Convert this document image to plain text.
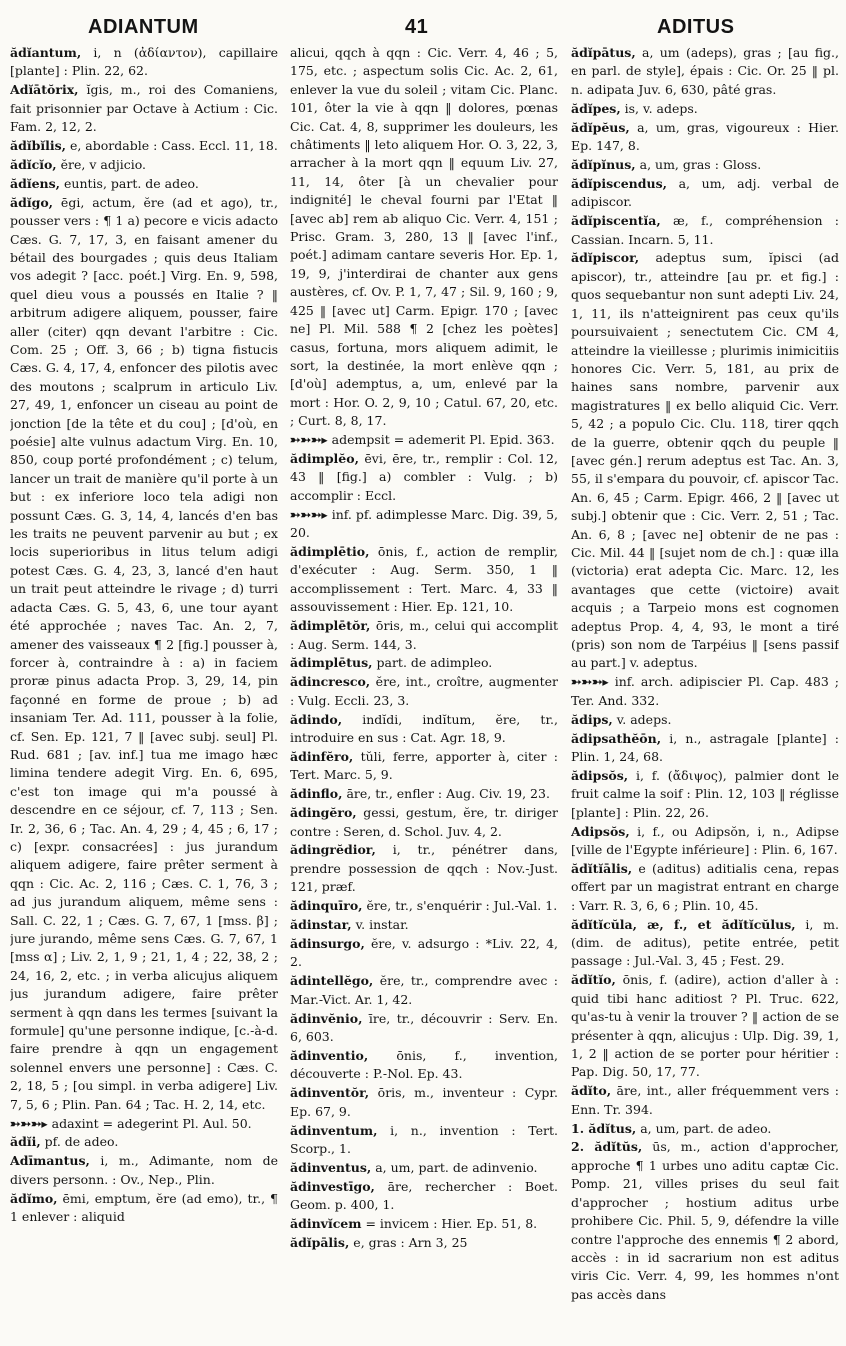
ADIANTUM	41	ADITUS

ădĭantum, i, n (ἀδίαντον), capillaire [plante] : Plin. 22, 62.

Adĭātŏrix, ĭgis, m., roi des Comaniens, fait prisonnier par Octave à Actium : Cic. Fam. 2, 12, 2.

ădĭbĭlis, e, abordable : Cass. Eccl. 11, 18.

ădĭcĭo, ĕre, v adjicio.

ădĭens, euntis, part. de adeo.

ădĭgo, ēgi, actum, ĕre (ad et ago), tr., pousser vers : ¶ 1 a) pecore e vicis adacto Cæs. G. 7, 17, 3, en faisant amener du bétail des bourgades ; quis deus Italiam vos adegit ? [acc. poét.] Virg. En. 9, 598, quel dieu vous a poussés en Italie ? ‖ arbitrum adigere aliquem, pousser, faire aller (citer) qqn devant l'arbitre : Cic. Com. 25 ; Off. 3, 66 ; b) tigna fistucis Cæs. G. 4, 17, 4, enfoncer des pilotis avec des moutons ; scalprum in articulo Liv. 27, 49, 1, enfoncer un ciseau au point de jonction [de la tête et du cou] ; [d'où, en poésie] alte vulnus adactum Virg. En. 10, 850, coup porté profondément ; c) telum, lancer un trait de manière qu'il porte à un but : ex inferiore loco tela adigi non possunt Cæs. G. 3, 14, 4, lancés d'en bas les traits ne peuvent parvenir au but ; ex locis superioribus in litus telum adigi potest Cæs. G. 4, 23, 3, lancé d'en haut un trait peut atteindre le rivage ; d) turri adacta Cæs. G. 5, 43, 6, une tour ayant été approchée ; naves Tac. An. 2, 7, amener des vaisseaux ¶ 2 [fig.] pousser à, forcer à, contraindre à : a) in faciem proræ pinus adacta Prop. 3, 29, 14, pin façonné en forme de proue ; b) ad insaniam Ter. Ad. 111, pousser à la folie, cf. Sen. Ep. 121, 7 ‖ [avec subj. seul] Pl. Rud. 681 ; [av. inf.] tua me imago hæc limina tendere adegit Virg. En. 6, 695, c'est ton image qui m'a poussé à descendre en ce séjour, cf. 7, 113 ; Sen. Ir. 2, 36, 6 ; Tac. An. 4, 29 ; 4, 45 ; 6, 17 ; c) [expr. consacrées] : jus jurandum aliquem adigere, faire prêter serment à qqn : Cic. Ac. 2, 116 ; Cæs. C. 1, 76, 3 ; ad jus jurandum aliquem, même sens : Sall. C. 22, 1 ; Cæs. G. 7, 67, 1 [mss. β] ; jure jurando, même sens Cæs. G. 7, 67, 1 [mss α] ; Liv. 2, 1, 9 ; 21, 1, 4 ; 22, 38, 2 ; 24, 16, 2, etc. ; in verba alicujus aliquem jus jurandum adigere, faire prêter serment à qqn dans les termes [suivant la formule] qu'une personne indique, [c.-à-d. faire prendre à qqn un engagement solennel envers une personne] : Cæs. C. 2, 18, 5 ; [ou simpl. in verba adigere] Liv. 7, 5, 6 ; Plin. Pan. 64 ; Tac. H. 2, 14, etc.

➳➳➳▸ adaxint = adegerint Pl. Aul. 50.

ădĭi, pf. de adeo.

Adīmantus, i, m., Adimante, nom de divers personn. : Ov., Nep., Plin.

ădĭmo, ēmi, emptum, ĕre (ad emo), tr., ¶ 1 enlever : aliquid

alicui, qqch à qqn : Cic. Verr. 4, 46 ; 5, 175, etc. ; aspectum solis Cic. Ac. 2, 61, enlever la vue du soleil ; vitam Cic. Planc. 101, ôter la vie à qqn ‖ dolores, pœnas Cic. Cat. 4, 8, supprimer les douleurs, les châtiments ‖ leto aliquem Hor. O. 3, 22, 3, arracher à la mort qqn ‖ equum Liv. 27, 11, 14, ôter [à un chevalier pour indignité] le cheval fourni par l'Etat ‖ [avec ab] rem ab aliquo Cic. Verr. 4, 151 ; Prisc. Gram. 3, 280, 13 ‖ [avec l'inf., poét.] adimam cantare severis Hor. Ep. 1, 19, 9, j'interdirai de chanter aux gens austères, cf. Ov. P. 1, 7, 47 ; Sil. 9, 160 ; 9, 425 ‖ [avec ut] Carm. Epigr. 170 ; [avec ne] Pl. Mil. 588 ¶ 2 [chez les poètes] casus, fortuna, mors aliquem adimit, le sort, la destinée, la mort enlève qqn ; [d'où] ademptus, a, um, enlevé par la mort : Hor. O. 2, 9, 10 ; Catul. 67, 20, etc. ; Curt. 8, 8, 17.

➳➳➳▸ adempsit = ademerit Pl. Epid. 363.

ădimplĕo, ēvi, ēre, tr., remplir : Col. 12, 43 ‖ [fig.] a) combler : Vulg. ; b) accomplir : Eccl.

➳➳➳▸ inf. pf. adimplesse Marc. Dig. 39, 5, 20.

ădimplētio, ōnis, f., action de remplir, d'exécuter : Aug. Serm. 350, 1 ‖ accomplissement : Tert. Marc. 4, 33 ‖ assouvissement : Hier. Ep. 121, 10.

ădimplētŏr, ōris, m., celui qui accomplit : Aug. Serm. 144, 3.

ădimplētus, part. de adimpleo.

ădincresco, ĕre, int., croître, augmenter : Vulg. Eccli. 23, 3.

ădindo, indĭdi, indĭtum, ĕre, tr., introduire en sus : Cat. Agr. 18, 9.

ădinfĕro, tŭli, ferre, apporter à, citer : Tert. Marc. 5, 9.

ădinflo, āre, tr., enfler : Aug. Civ. 19, 23.

ădingĕro, gessi, gestum, ĕre, tr. diriger contre : Seren, d. Schol. Juv. 4, 2.

ădingrĕdior, i, tr., pénétrer dans, prendre possession de qqch : Nov.-Just. 121, præf.

ădinquīro, ĕre, tr., s'enquérir : Jul.-Val. 1.

ădinstar, v. instar.

ădinsurgo, ĕre, v. adsurgo : *Liv. 22, 4, 2.

ădintellĕgo, ĕre, tr., comprendre avec : Mar.-Vict. Ar. 1, 42.

ădinvĕnio, īre, tr., découvrir : Serv. En. 6, 603.

ădinventio, ōnis, f., invention, découverte : P.-Nol. Ep. 43.

ădinventŏr, ōris, m., inventeur : Cypr. Ep. 67, 9.

ădinventum, i, n., invention : Tert. Scorp., 1.

ădinventus, a, um, part. de adinvenio.

ădinvestīgo, āre, rechercher : Boet. Geom. p. 400, 1.

ădinvĭcem = invicem : Hier. Ep. 51, 8.

ădĭpālis, e, gras : Arn 3, 25

ădĭpātus, a, um (adeps), gras ; [au fig., en parl. de style], épais : Cic. Or. 25 ‖ pl. n. adipata Juv. 6, 630, pâté gras.

ădĭpes, is, v. adeps.

ădĭpĕus, a, um, gras, vigoureux : Hier. Ep. 147, 8.

ădĭpĭnus, a, um, gras : Gloss.

ădĭpiscendus, a, um, adj. verbal de adipiscor.

ădĭpiscentĭa, æ, f., compréhension : Cassian. Incarn. 5, 11.

ădĭpiscor, adeptus sum, ĭpisci (ad apiscor), tr., atteindre [au pr. et fig.] : quos sequebantur non sunt adepti Liv. 24, 1, 11, ils n'atteignirent pas ceux qu'ils poursuivaient ; senectutem Cic. CM 4, atteindre la vieillesse ; plurimis inimicitiis honores Cic. Verr. 5, 181, au prix de haines sans nombre, parvenir aux magistratures ‖ ex bello aliquid Cic. Verr. 5, 42 ; a populo Cic. Clu. 118, tirer qqch de la guerre, obtenir qqch du peuple ‖ [avec gén.] rerum adeptus est Tac. An. 3, 55, il s'empara du pouvoir, cf. apiscor Tac. An. 6, 45 ; Carm. Epigr. 466, 2 ‖ [avec ut subj.] obtenir que : Cic. Verr. 2, 51 ; Tac. An. 6, 8 ; [avec ne] obtenir de ne pas : Cic. Mil. 44 ‖ [sujet nom de ch.] : quæ illa (victoria) erat adepta Cic. Marc. 12, les avantages que cette (victoire) avait acquis ; a Tarpeio mons est cognomen adeptus Prop. 4, 4, 93, le mont a tiré (pris) son nom de Tarpéius ‖ [sens passif au part.] v. adeptus.

➳➳➳▸ inf. arch. adipiscier Pl. Cap. 483 ; Ter. And. 332.

ădips, v. adeps.

ădipsathĕōn, i, n., astragale [plante] : Plin. 1, 24, 68.

ădipsŏs, i, f. (ἄδιψος), palmier dont le fruit calme la soif : Plin. 12, 103 ‖ réglisse [plante] : Plin. 22, 26.

Adipsŏs, i, f., ou Adipsŏn, i, n., Adipse [ville de l'Egypte inférieure] : Plin. 6, 167.

ădĭtĭālis, e (aditus) aditialis cena, repas offert par un magistrat entrant en charge : Varr. R. 3, 6, 6 ; Plin. 10, 45.

ădĭtĭcŭla, æ, f., et ădĭtĭcŭlus, i, m. (dim. de aditus), petite entrée, petit passage : Jul.-Val. 3, 45 ; Fest. 29.

ădĭtĭo, ōnis, f. (adire), action d'aller à : quid tibi hanc aditiost ? Pl. Truc. 622, qu'as-tu à venir la trouver ? ‖ action de se présenter à qqn, alicujus : Ulp. Dig. 39, 1, 1, 2 ‖ action de se porter pour héritier : Pap. Dig. 50, 17, 77.

ădĭto, āre, int., aller fréquemment vers : Enn. Tr. 394.

1. ădĭtus, a, um, part. de adeo.

2. ădĭtŭs, ūs, m., action d'approcher, approche ¶ 1 urbes uno aditu captæ Cic. Pomp. 21, villes prises du seul fait d'approcher ; hostium aditus urbe prohibere Cic. Phil. 5, 9, défendre la ville contre l'approche des ennemis ¶ 2 abord, accès : in id sacrarium non est aditus viris Cic. Verr. 4, 99, les hommes n'ont pas accès dans
